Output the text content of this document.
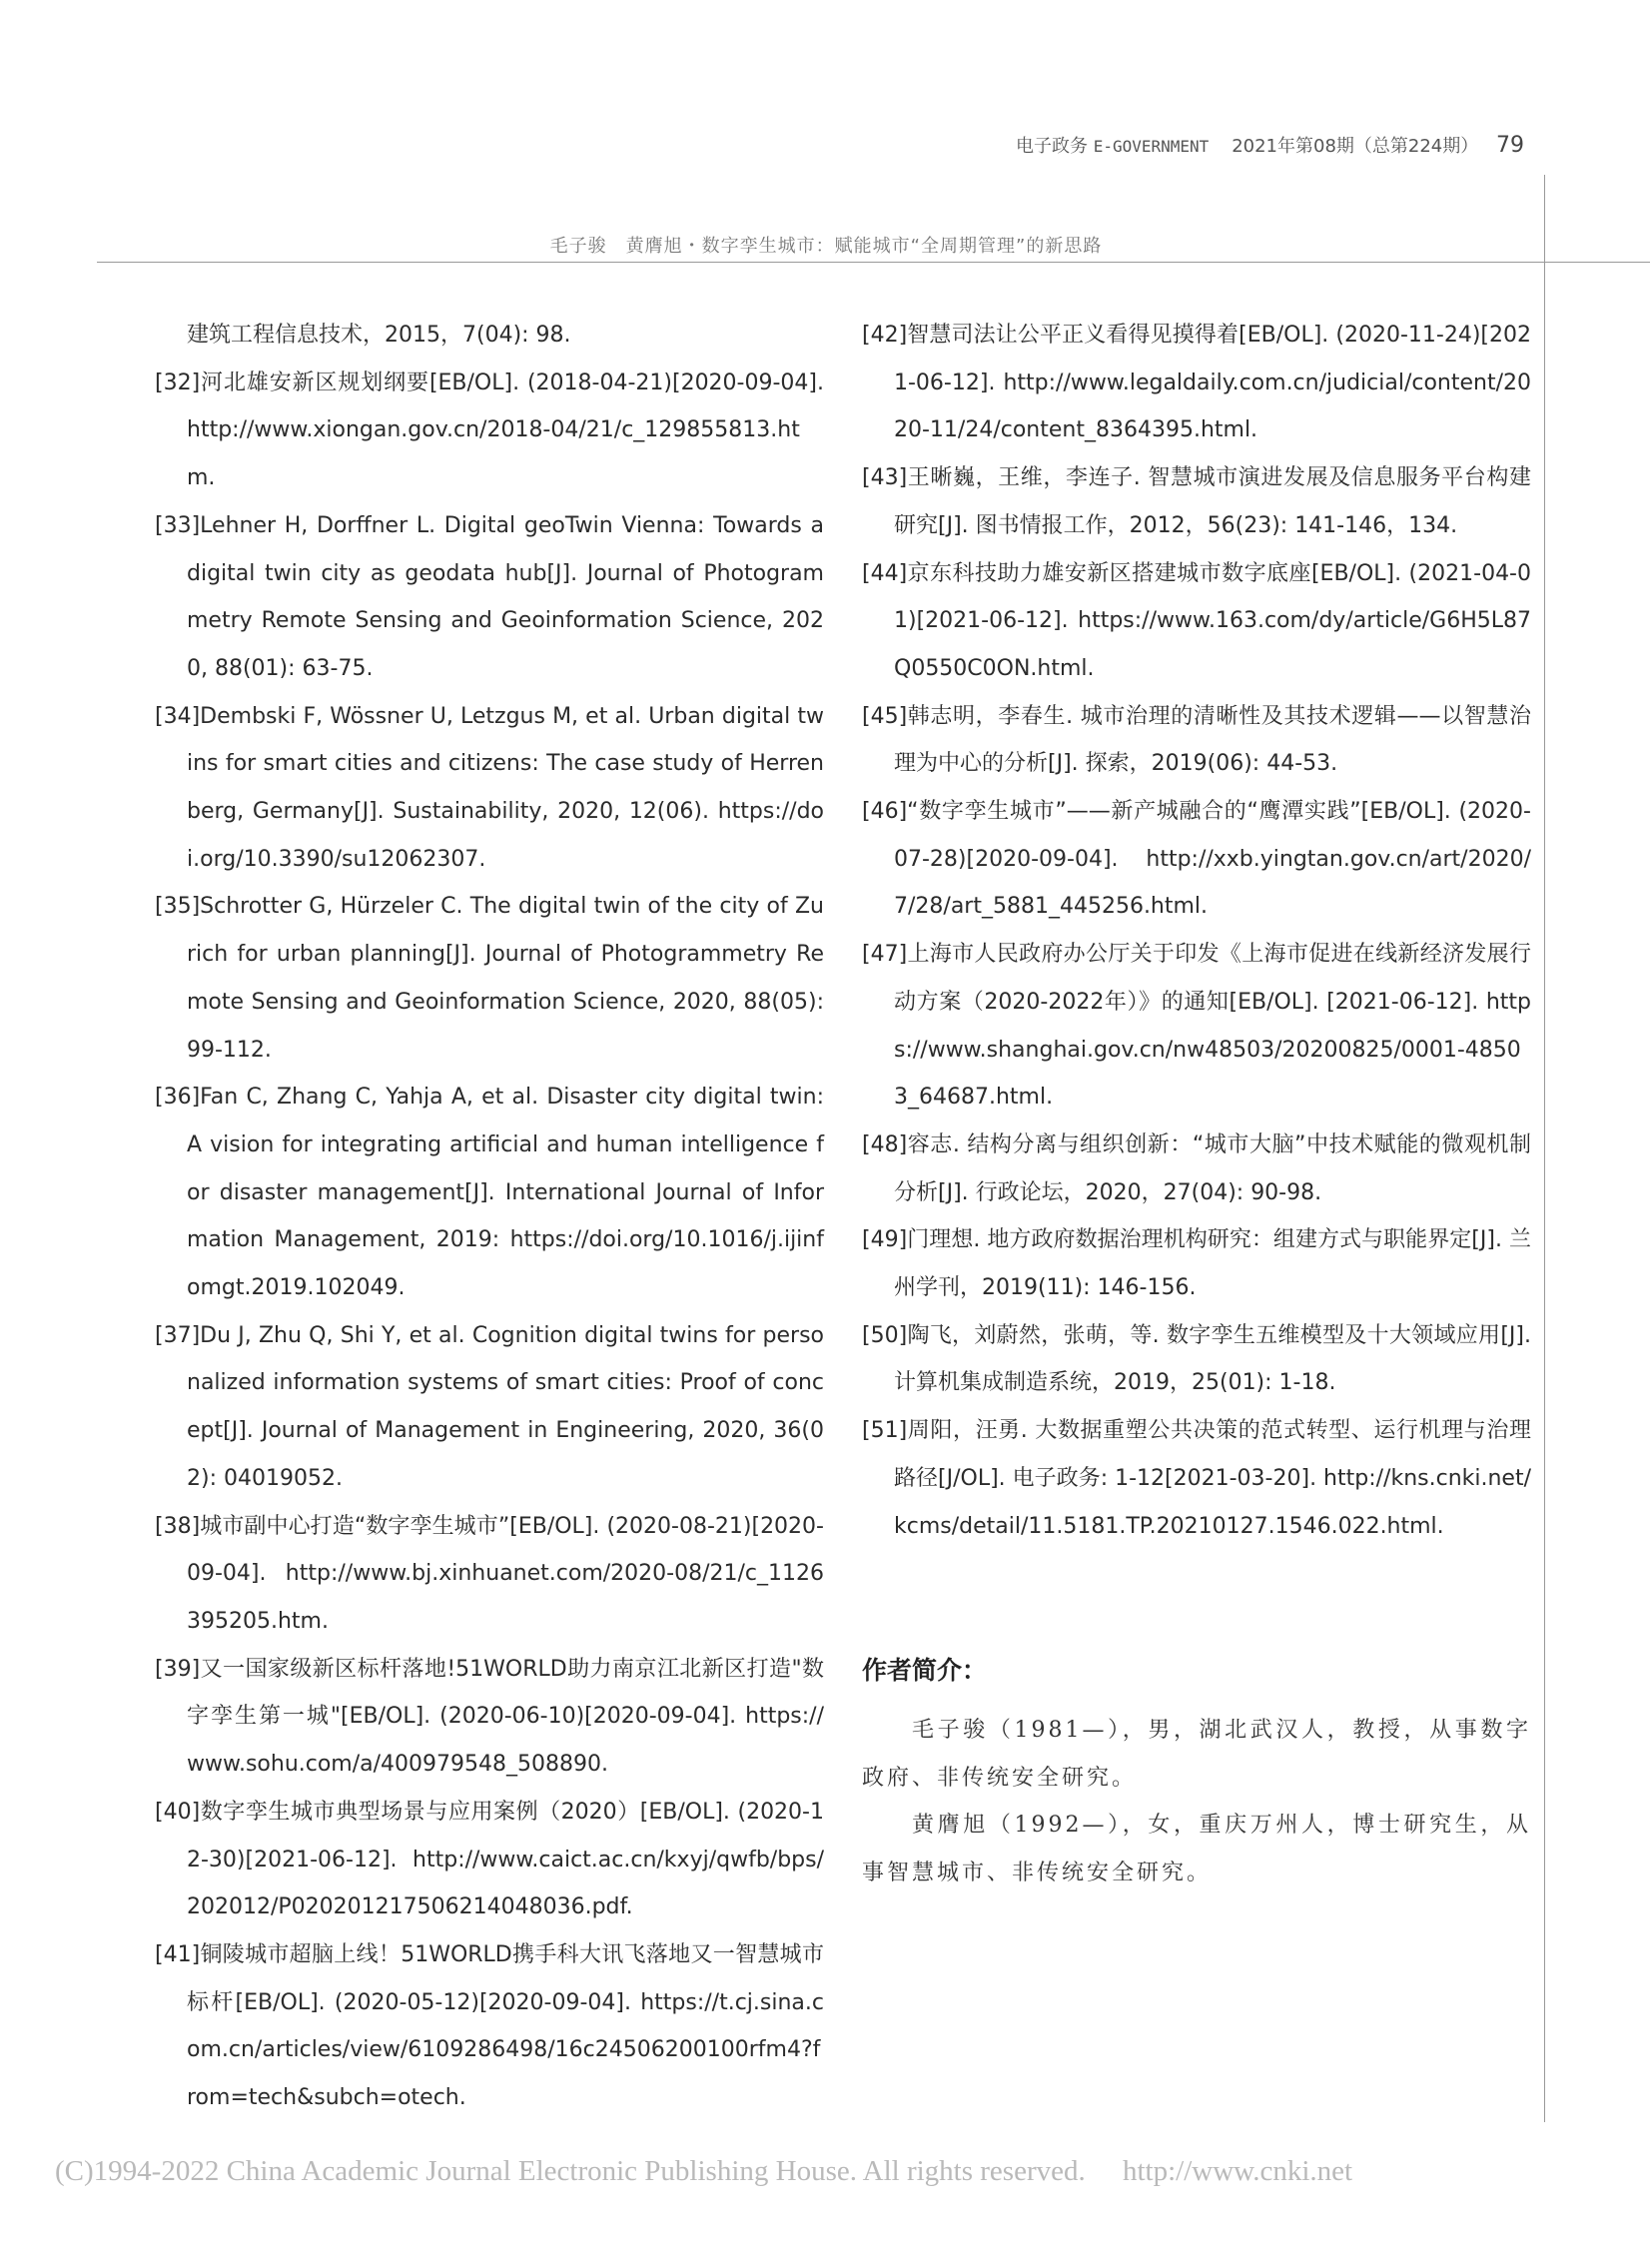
电子政务 E-GOVERNMENT 2021年第08期（总第224期） 79
毛子骏　黄膺旭・数字孪生城市：赋能城市“全周期管理”的新思路

建筑工程信息技术，2015，7(04): 98.

[32]河北雄安新区规划纲要[EB/OL]. (2018-04-21)[2020-09-04]. http://www.xiongan.gov.cn/2018-04/21/c_129855813.htm.

[33]Lehner H, Dorffner L. Digital geoTwin Vienna: Towards a digital twin city as geodata hub[J]. Journal of Photogrammetry Remote Sensing and Geoinformation Science, 2020, 88(01): 63-75.

[34]Dembski F, Wössner U, Letzgus M, et al. Urban digital twins for smart cities and citizens: The case study of Herrenberg, Germany[J]. Sustainability, 2020, 12(06). https://doi.org/10.3390/su12062307.

[35]Schrotter G, Hürzeler C. The digital twin of the city of Zurich for urban planning[J]. Journal of Photogrammetry Remote Sensing and Geoinformation Science, 2020, 88(05): 99-112.

[36]Fan C, Zhang C, Yahja A, et al. Disaster city digital twin: A vision for integrating artificial and human intelligence for disaster management[J]. International Journal of Information Management, 2019: https://doi.org/10.1016/j.ijinfomgt.2019.102049.

[37]Du J, Zhu Q, Shi Y, et al. Cognition digital twins for personalized information systems of smart cities: Proof of concept[J]. Journal of Management in Engineering, 2020, 36(02): 04019052.

[38]城市副中心打造“数字孪生城市”[EB/OL]. (2020-08-21)[2020-09-04]. http://www.bj.xinhuanet.com/2020-08/21/c_1126395205.htm.

[39]又一国家级新区标杆落地!51WORLD助力南京江北新区打造"数字孪生第一城"[EB/OL]. (2020-06-10)[2020-09-04]. https://www.sohu.com/a/400979548_508890.

[40]数字孪生城市典型场景与应用案例（2020）[EB/OL]. (2020-12-30)[2021-06-12]. http://www.caict.ac.cn/kxyj/qwfb/bps/202012/P020201217506214048036.pdf.

[41]铜陵城市超脑上线！51WORLD携手科大讯飞落地又一智慧城市标杆[EB/OL]. (2020-05-12)[2020-09-04]. https://t.cj.sina.com.cn/articles/view/6109286498/16c24506200100rfm4?from=tech&subch=otech.

[42]智慧司法让公平正义看得见摸得着[EB/OL]. (2020-11-24)[2021-06-12]. http://www.legaldaily.com.cn/judicial/content/2020-11/24/content_8364395.html.

[43]王晰巍，王维，李连子. 智慧城市演进发展及信息服务平台构建研究[J]. 图书情报工作，2012，56(23): 141-146，134.

[44]京东科技助力雄安新区搭建城市数字底座[EB/OL]. (2021-04-01)[2021-06-12]. https://www.163.com/dy/article/G6H5L87Q0550C0ON.html.

[45]韩志明，李春生. 城市治理的清晰性及其技术逻辑——以智慧治理为中心的分析[J]. 探索，2019(06): 44-53.

[46]“数字孪生城市”——新产城融合的“鹰潭实践”[EB/OL]. (2020-07-28)[2020-09-04]. http://xxb.yingtan.gov.cn/art/2020/7/28/art_5881_445256.html.

[47]上海市人民政府办公厅关于印发《上海市促进在线新经济发展行动方案（2020-2022年）》的通知[EB/OL]. [2021-06-12]. https://www.shanghai.gov.cn/nw48503/20200825/0001-48503_64687.html.

[48]容志. 结构分离与组织创新：“城市大脑”中技术赋能的微观机制分析[J]. 行政论坛，2020，27(04): 90-98.

[49]门理想. 地方政府数据治理机构研究：组建方式与职能界定[J]. 兰州学刊，2019(11): 146-156.

[50]陶飞，刘蔚然，张萌，等. 数字孪生五维模型及十大领域应用[J]. 计算机集成制造系统，2019，25(01): 1-18.

[51]周阳，汪勇. 大数据重塑公共决策的范式转型、运行机理与治理路径[J/OL]. 电子政务: 1-12[2021-03-20]. http://kns.cnki.net/kcms/detail/11.5181.TP.20210127.1546.022.html.

作者简介：

毛子骏（1981—），男，湖北武汉人，教授，从事数字政府、非传统安全研究。

黄膺旭（1992—），女，重庆万州人，博士研究生，从事智慧城市、非传统安全研究。

(C)1994-2022 China Academic Journal Electronic Publishing House. All rights reserved. http://www.cnki.net
